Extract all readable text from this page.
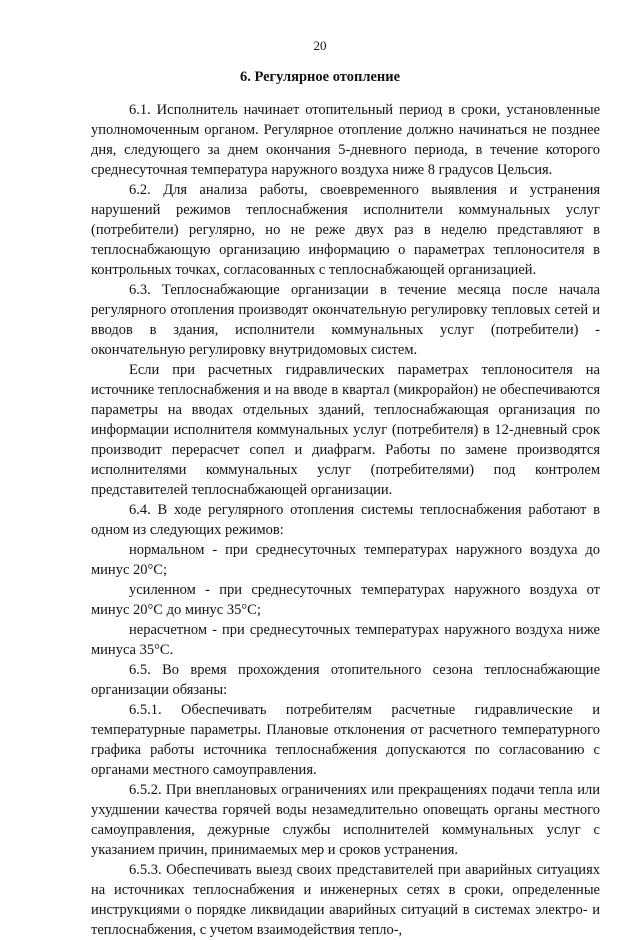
20
6. Регулярное отопление

6.1. Исполнитель начинает отопительный период в сроки, установленные уполномоченным органом. Регулярное отопление должно начинаться не позднее дня, следующего за днем окончания 5-дневного периода, в течение которого среднесуточная температура наружного воздуха ниже 8 градусов Цельсия.

6.2. Для анализа работы, своевременного выявления и устранения нарушений режимов теплоснабжения исполнители коммунальных услуг (потребители) регулярно, но не реже двух раз в неделю представляют в теплоснабжающую организацию информацию о параметрах теплоносителя в контрольных точках, согласованных с теплоснабжающей организацией.

6.3. Теплоснабжающие организации в течение месяца после начала регулярного отопления производят окончательную регулировку тепловых сетей и вводов в здания, исполнители коммунальных услуг (потребители) - окончательную регулировку внутридомовых систем.

Если при расчетных гидравлических параметрах теплоносителя на источнике теплоснабжения и на вводе в квартал (микрорайон) не обеспечиваются параметры на вводах отдельных зданий, теплоснабжающая организация по информации исполнителя коммунальных услуг (потребителя) в 12-дневный срок производит перерасчет сопел и диафрагм. Работы по замене производятся исполнителями коммунальных услуг (потребителями) под контролем представителей теплоснабжающей организации.

6.4. В ходе регулярного отопления системы теплоснабжения работают в одном из следующих режимов:

нормальном - при среднесуточных температурах наружного воздуха до минус 20°С;

усиленном - при среднесуточных температурах наружного воздуха от минус 20°С до минус 35°С;

нерасчетном - при среднесуточных температурах наружного воздуха ниже минуса 35°С.

6.5. Во время прохождения отопительного сезона теплоснабжающие организации обязаны:

6.5.1. Обеспечивать потребителям расчетные гидравлические и температурные параметры. Плановые отклонения от расчетного температурного графика работы источника теплоснабжения допускаются по согласованию с органами местного самоуправления.

6.5.2. При внеплановых ограничениях или прекращениях подачи тепла или ухудшении качества горячей воды незамедлительно оповещать органы местного самоуправления, дежурные службы исполнителей коммунальных услуг с указанием причин, принимаемых мер и сроков устранения.

6.5.3. Обеспечивать выезд своих представителей при аварийных ситуациях на источниках теплоснабжения и инженерных сетях в сроки, определенные инструкциями о порядке ликвидации аварийных ситуаций в системах электро- и теплоснабжения, с учетом взаимодействия тепло-,
